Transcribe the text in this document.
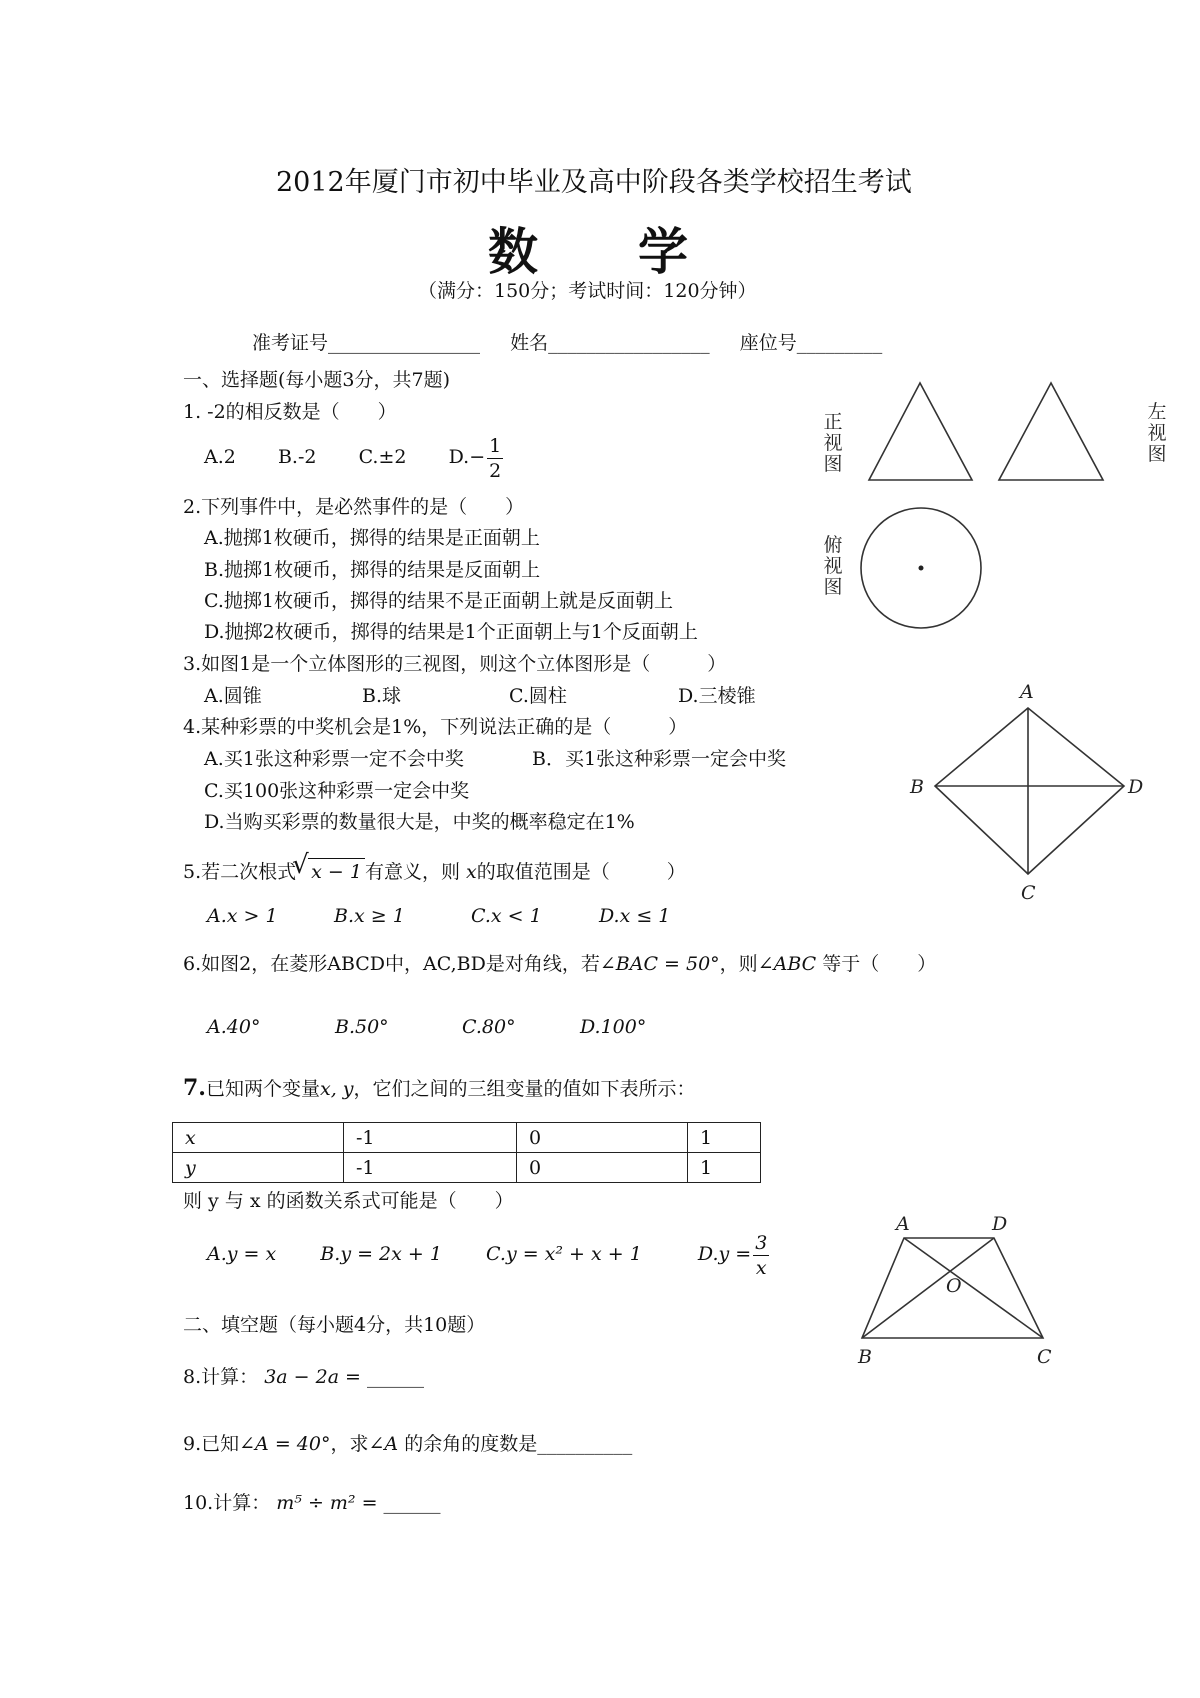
2012年厦门市初中毕业及高中阶段各类学校招生考试
数　　学
（满分：150分；考试时间：120分钟）
准考证号________________ 姓名_________________ 座位号_________
一、选择题(每小题3分，共7题)
1. -2的相反数是（　　）
A.2 B.-2 C.±2 $D.- \frac{1}{2}$
2.下列事件中，是必然事件的是（　　）
A.抛掷1枚硬币，掷得的结果是正面朝上
B.抛掷1枚硬币，掷得的结果是反面朝上
C.抛掷1枚硬币，掷得的结果不是正面朝上就是反面朝上
D.抛掷2枚硬币，掷得的结果是1个正面朝上与1个反面朝上
3.如图1是一个立体图形的三视图，则这个立体图形是（　　　）
A.圆锥	B.球	C.圆柱	D.三棱锥
4.某种彩票的中奖机会是1%，下列说法正确的是（　　　）
A.买1张这种彩票一定不会中奖	B．买1张这种彩票一定会中奖
C.买100张这种彩票一定会中奖
D.当购买彩票的数量很大是，中奖的概率稳定在1%
5.若二次根式 √ x − 1 有意义，则 x的取值范围是（　　　）
A.x > 1	B.x ≥ 1	C.x < 1	D.x ≤ 1
6.如图2，在菱形ABCD中，AC,BD是对角线，若∠BAC = 50°，则∠ABC 等于（　　）
A.40°	B.50°	C.80°	D.100°
7.已知两个变量x, y，它们之间的三组变量的值如下表所示：
x	-1	0	1
y	-1	0	1
则 y 与 x 的函数关系式可能是（　　）
A.y = x B.y = 2x + 1 C.y = x² + x + 1	$D.y = \frac{3}{x}$
二、填空题（每小题4分，共10题）
8.计算： 3a − 2a = ______
9.已知∠A = 40°，求∠A 的余角的度数是__________
10.计算： m⁵ ÷ m² = ______
正视图
左视图
俯视图
A
B
C
D
A	D
O
B	C
